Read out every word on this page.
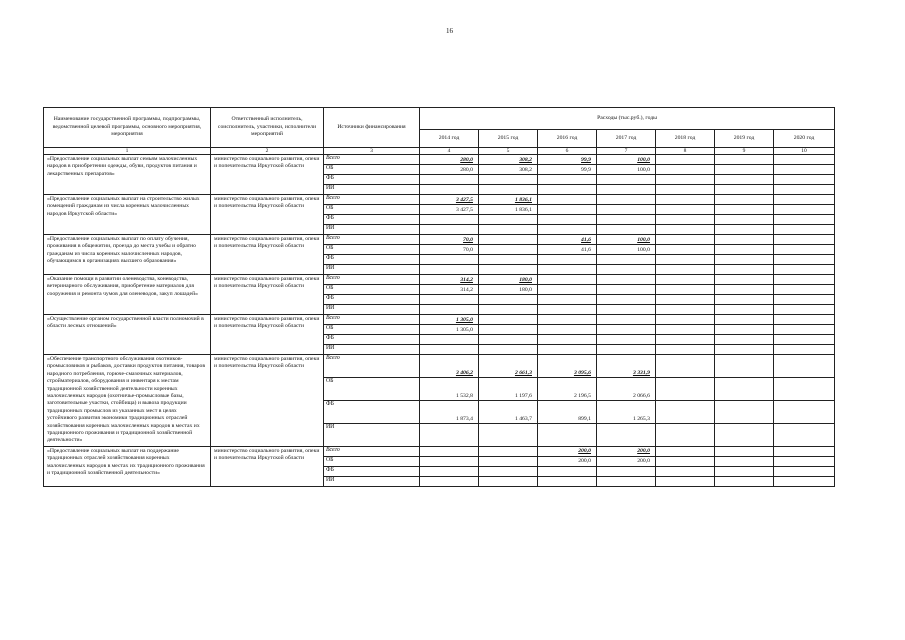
16
Наименование государственной программы, подпрограммы, ведомственной целевой программы, основного мероприятия, мероприятия	Ответственный исполнитель, соисполнитель, участники, исполнители мероприятий	Источники финансирования	Расходы (тыс.руб.), годы						
			2014 год	2015 год	2016 год	2017 год	2018 год	2019 год	2020 год
1	2	3	4	5	6	7	8	9	10
«Предоставление социальных выплат семьям малочисленных народов в приобретении одежды, обуви, продуктов питания и лекарственных препаратов»	министерство социального развития, опеки и попечительства Иркутской области	Всего	280,0	308,2	99,9	100,0			
		ОБ	280,0	308,2	99,9	100,0			
		ФБ							
		ИИ							
«Предоставление социальных выплат на строительство жилых помещений гражданам из числа коренных малочисленных народов Иркутской области»	министерство социального развития, опеки и попечительства Иркутской области	Всего	3 427,5	1 836,1					
		ОБ	3 427,5	1 836,1					
		ФБ							
		ИИ							
«Предоставление социальных выплат по оплату обучения, проживания в общежитии, проезда до места учебы и обратно гражданам из числа коренных малочисленных народов, обучающимся в организациях высшего образования»	министерство социального развития, опеки и попечительства Иркутской области	Всего	70,0		41,6	100,0			
		ОБ	70,0		41,6	100,0			
		ФБ							
		ИИ							
«Оказание помощи в развитии оленеводства, коневодства, ветеринарного обслуживания, приобретение материалов для сооружения и ремонта чумов для оленеводов, закуп лошадей»	министерство социального развития, опеки и попечительства Иркутской области	Всего	314,2	180,0					
		ОБ	314,2	180,0					
		ФБ							
		ИИ							
«Осуществление органом государственной власти полномочий в области лесных отношений»	министерство социального развития, опеки и попечительства Иркутской области	Всего	1 305,0						
		ОБ	1 305,0						
		ФБ							
		ИИ							
«Обеспечение транспортного обслуживания охотников-промысловиков и рыбаков, доставки продуктов питания, товаров народного потребления, горюче-смазочных материалов, стройматериалов, оборудования и инвентаря к местам традиционной хозяйственной деятельности коренных малочисленных народов (охотничье-промысловые базы, заготовительные участки, стойбища) и вывоза продукции традиционных промыслов из указанных мест в целях устойчивого развития экономики традиционных отраслей хозяйствования коренных малочисленных народов в местах их традиционного проживания и традиционной хозяйственной деятельности»	министерство социального развития, опеки и попечительства Иркутской области	Всего	3 406,2	2 661,3	3 095,6	3 331,9			
		ОБ	1 532,8	1 197,6	2 196,5	2 066,6			
		ФБ	1 873,4	1 463,7	899,1	1 265,3			
		ИИ							
«Предоставление социальных выплат на поддержание традиционных отраслей хозяйствования коренных малочисленных народов в местах их традиционного проживания и традиционной хозяйственной деятельности»	министерство социального развития, опеки и попечительства Иркутской области	Всего			200,0	200,0			
		ОБ			200,0	200,0			
		ФБ							
		ИИ							
